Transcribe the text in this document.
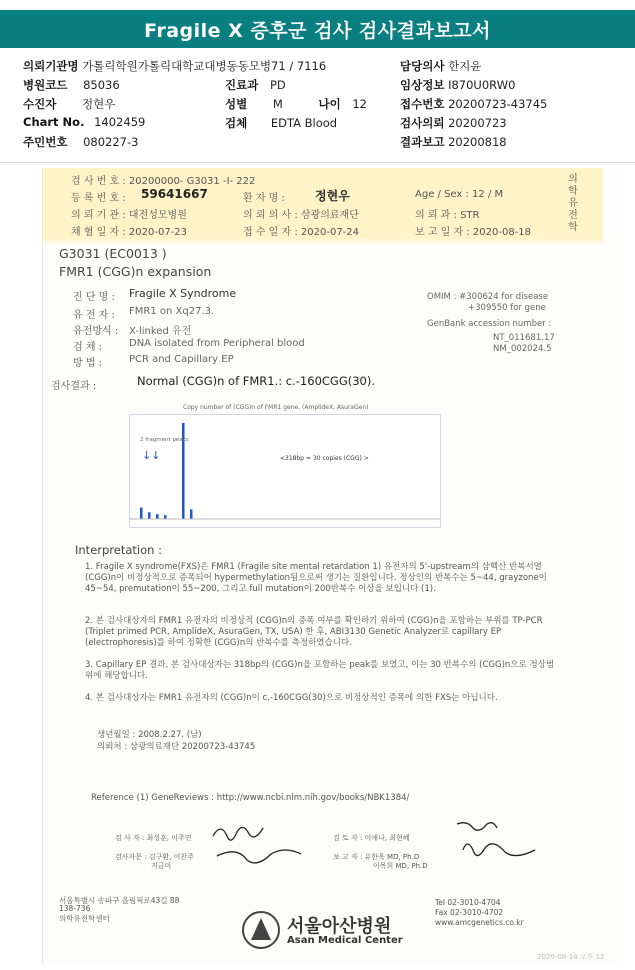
Fragile X 증후군 검사 검사결과보고서
의뢰기관명 가톨릭학원가톨릭대학교대병동동모병71 / 7116	담당의사 한지윤
병원코드 85036	진료과 PD	임상정보 I870U0RW0
수진자 정현우	성별 M	나이 12	접수번호 20200723-43745
Chart No. 1402459	검체 EDTA Blood	검사의뢰 20200723
주민번호 080227-3	결과보고 20200818
의학유전학
검 사 번 호 : 20200000- G3031 -I- 222
등 록 번 호 : 59641667	환 자 명 :	정현우	Age / Sex : 12 / M
의 뢰 기 관 : 대전성모병원	의 뢰 의 사 : 삼광의료재단	의 뢰 과 : STR
채 혈 일 자 : 2020-07-23	접 수 일 자 : 2020-07-24	보 고 일 자 : 2020-08-18
G3031 (EC0013 )
FMR1 (CGG)n expansion
진 단 명 : Fragile X Syndrome
유 전 자 : FMR1 on Xq27.3.
유전방식 : X-linked 유전
검 체 :	DNA isolated from Peripheral blood
방 법 :	PCR and Capillary EP
OMIM : #300624 for disease
+309550 for gene
GenBank accession number :
NT_011681.17
NM_002024.5
검사결과 :	Normal (CGG)n of FMR1.: c.-160CGG(30).
Copy number of (CGG)n of FMR1 gene. (AmplideX, AsuraGen)
2 fragment peaks
↓↓	<318bp = 30 copies (CGG) >
Interpretation :
1. Fragile X syndrome(FXS)은 FMR1 (Fragile site mental retardation 1) 유전자의 5'-upstream의 삼핵산 반복서열 (CGG)n이 비정상적으로 증폭되어 hypermethylation됨으로써 생기는 질환입니다. 정상인의 반복수는 5~44, grayzone이 45~54, premutation이 55~200, 그리고 full mutation이 200반복수 이상을 보입니다 (1).
2. 본 검사대상자의 FMR1 유전자의 비정상적 (CGG)n의 증폭 여부를 확인하기 위하여 (CGG)n을 포함하는 부위를 TP-PCR (Triplet primed PCR, AmplideX, AsuraGen, TX, USA) 한 후, ABI3130 Genetic Analyzer로 capillary EP (electrophoresis)를 하여 정확한 (CGG)n의 반복수를 측정하였습니다.
3. Capillary EP 결과, 본 검사대상자는 318bp의 (CGG)n을 포함하는 peak를 보였고, 이는 30 반복수의 (CGG)n으로 정상범위에 해당합니다.
4. 본 검사대상자는 FMR1 유전자의 (CGG)n이 c.-160CGG(30)으로 비정상적인 증폭에 의한 FXS는 아닙니다.
생년월일 : 2008.2.27. (남)
의뢰처 : 삼광의료재단 20200723-43745
Reference (1) GeneReviews : http://www.ncbi.nlm.nih.gov/books/NBK1384/
검 사 자 : 최성훈, 이주연
검사자문 : 김구환, 이찬주
지금미
검 토 자 : 이애나, 최현혜
보 고 자 : 유한욱 MD, Ph.D
이목희 MD, Ph.D
서울특별시 송파구 올림픽로43길 88
138-736
의학유전학센터
Tel 02-3010-4704
Fax 02-3010-4702
www.amcgenetics.co.kr
서울아산병원
Asan Medical Center
2020-08-14 오후 12
